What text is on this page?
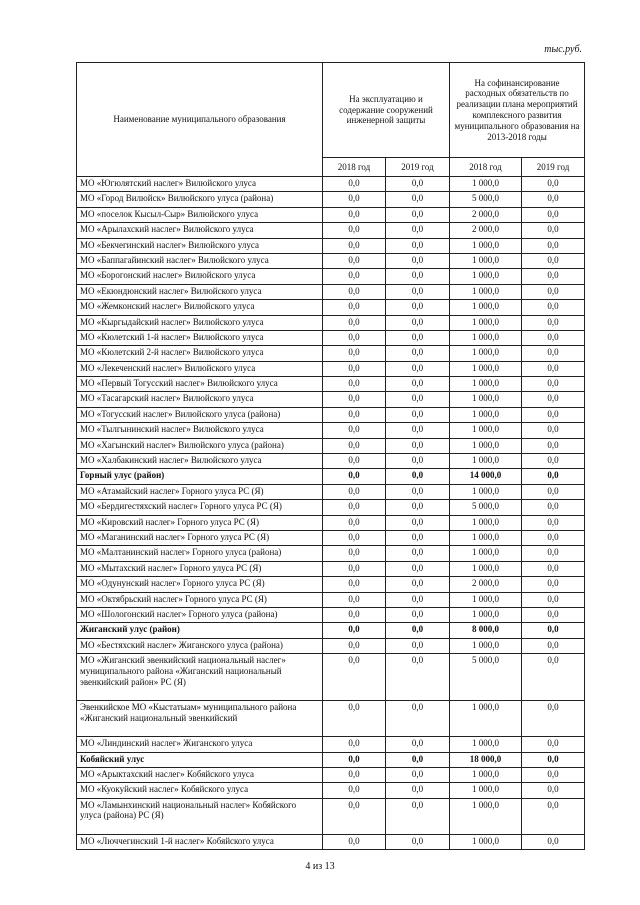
тыс.руб.
Наименование муниципального образования	На эксплуатацию и содержание сооружений инженерной защиты		На софинансирование расходных обязательств по реализации плана мероприятий комплексного развития муниципального образования на 2013-2018 годы	
	2018 год	2019 год	2018 год	2019 год
МО «Югюлятский наслег» Вилюйского улуса	0,0	0,0	1 000,0	0,0
МО «Город Вилюйск» Вилюйского улуса (района)	0,0	0,0	5 000,0	0,0
МО «поселок Кысыл-Сыр» Вилюйского улуса	0,0	0,0	2 000,0	0,0
МО «Арылахский наслег» Вилюйского улуса	0,0	0,0	2 000,0	0,0
МО «Бекчегинский наслег» Вилюйского улуса	0,0	0,0	1 000,0	0,0
МО «Баппагайинский наслег» Вилюйского улуса	0,0	0,0	1 000,0	0,0
МО «Борогонский наслег» Вилюйского улуса	0,0	0,0	1 000,0	0,0
МО «Екюндюнский наслег» Вилюйского улуса	0,0	0,0	1 000,0	0,0
МО «Жемконский наслег» Вилюйского улуса	0,0	0,0	1 000,0	0,0
МО «Кыргыдайский наслег» Вилюйского улуса	0,0	0,0	1 000,0	0,0
МО «Кюлетский 1-й наслег» Вилюйского улуса	0,0	0,0	1 000,0	0,0
МО «Кюлетский 2-й наслег» Вилюйского улуса	0,0	0,0	1 000,0	0,0
МО «Лекеченский наслег» Вилюйского улуса	0,0	0,0	1 000,0	0,0
МО «Первый Тогусский наслег» Вилюйского улуса	0,0	0,0	1 000,0	0,0
МО «Тасагарский наслег» Вилюйского улуса	0,0	0,0	1 000,0	0,0
МО «Тогусский наслег» Вилюйского улуса (района)	0,0	0,0	1 000,0	0,0
МО «Тылгынинский наслег» Вилюйского улуса	0,0	0,0	1 000,0	0,0
МО «Хагынский наслег» Вилюйского улуса (района)	0,0	0,0	1 000,0	0,0
МО «Халбакинский наслег» Вилюйского улуса	0,0	0,0	1 000,0	0,0
Горный улус (район)	0,0	0,0	14 000,0	0,0
МО «Атамайский наслег» Горного улуса РС (Я)	0,0	0,0	1 000,0	0,0
МО «Бердигестяхский наслег» Горного улуса РС (Я)	0,0	0,0	5 000,0	0,0
МО «Кировский наслег» Горного улуса РС (Я)	0,0	0,0	1 000,0	0,0
МО «Маганинский наслег» Горного улуса РС (Я)	0,0	0,0	1 000,0	0,0
МО «Малтанинский наслег» Горного улуса (района)	0,0	0,0	1 000,0	0,0
МО «Мытахский наслег» Горного улуса РС (Я)	0,0	0,0	1 000,0	0,0
МО «Одунунский наслег» Горного улуса РС (Я)	0,0	0,0	2 000,0	0,0
МО «Октябрьский наслег» Горного улуса РС (Я)	0,0	0,0	1 000,0	0,0
МО «Шологонский наслег» Горного улуса (района)	0,0	0,0	1 000,0	0,0
Жиганский улус (район)	0,0	0,0	8 000,0	0,0
МО «Бестяхский наслег» Жиганского улуса (района)	0,0	0,0	1 000,0	0,0
МО «Жиганский эвенкийский национальный наслег» муниципального района «Жиганский национальный эвенкийский район» РС (Я)	0,0	0,0	5 000,0	0,0
Эвенкийское МО «Кыстатыам» муниципального района «Жиганский национальный эвенкийский	0,0	0,0	1 000,0	0,0
МО «Линдинский наслег» Жиганского улуса	0,0	0,0	1 000,0	0,0
Кобяйский улус	0,0	0,0	18 000,0	0,0
МО «Арыктахский наслег» Кобяйского улуса	0,0	0,0	1 000,0	0,0
МО «Куокуйский наслег» Кобяйского улуса	0,0	0,0	1 000,0	0,0
МО «Ламынхинский национальный наслег» Кобяйского улуса (района) РС (Я)	0,0	0,0	1 000,0	0,0
МО «Люччегинский 1-й наслег» Кобяйского улуса	0,0	0,0	1 000,0	0,0
4 из 13
